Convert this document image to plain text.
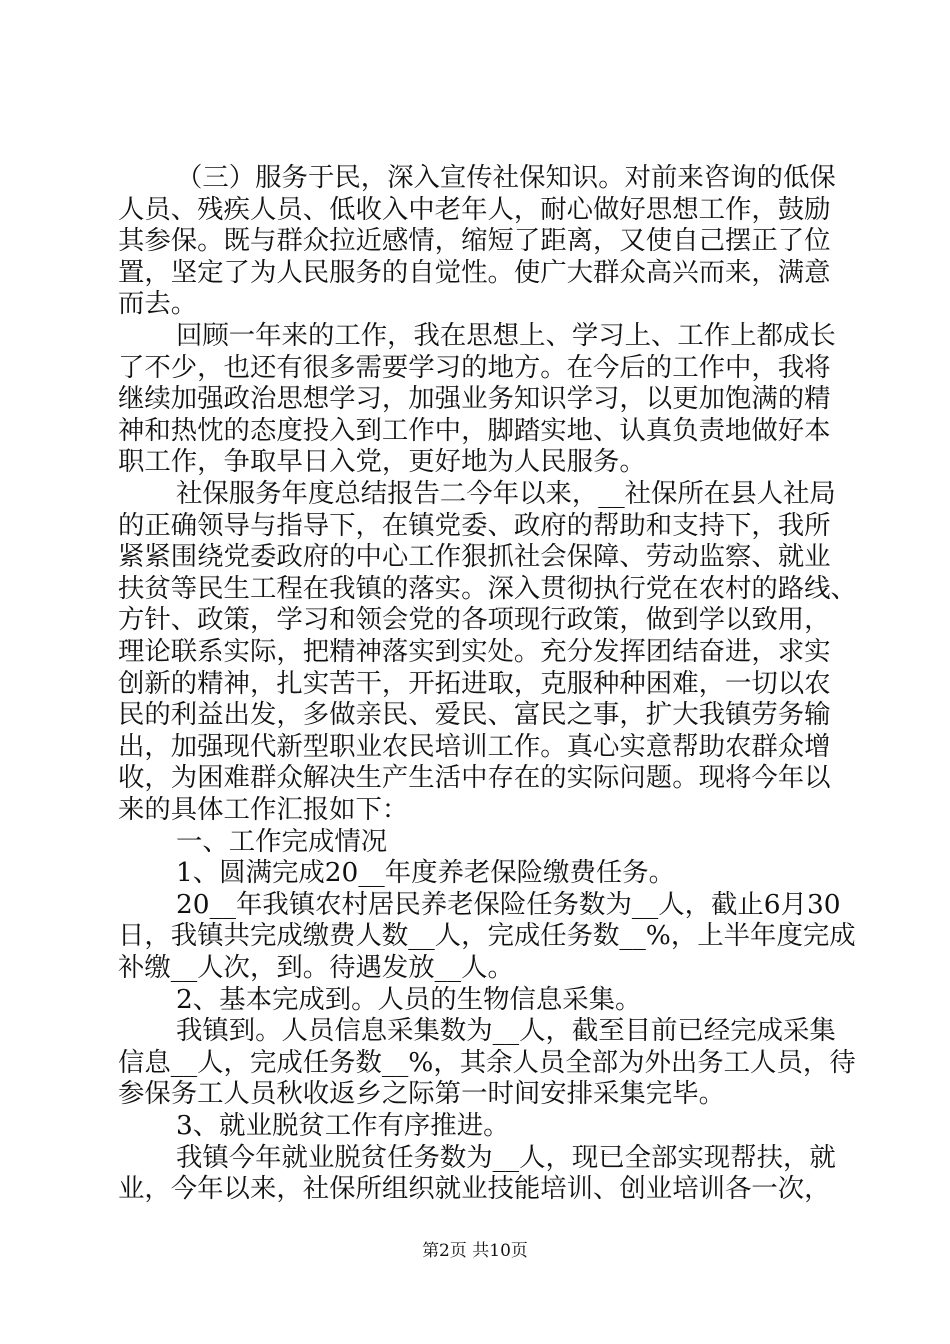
（三）服务于民，深入宣传社保知识。对前来咨询的低保
人员、残疾人员、低收入中老年人，耐心做好思想工作，鼓励
其参保。既与群众拉近感情，缩短了距离，又使自己摆正了位
置，坚定了为人民服务的自觉性。使广大群众高兴而来，满意
而去。
回顾一年来的工作，我在思想上、学习上、工作上都成长
了不少，也还有很多需要学习的地方。在今后的工作中，我将
继续加强政治思想学习，加强业务知识学习，以更加饱满的精
神和热忱的态度投入到工作中，脚踏实地、认真负责地做好本
职工作，争取早日入党，更好地为人民服务。
社保服务年度总结报告二今年以来，__社保所在县人社局
的正确领导与指导下，在镇党委、政府的帮助和支持下，我所
紧紧围绕党委政府的中心工作狠抓社会保障、劳动监察、就业
扶贫等民生工程在我镇的落实。深入贯彻执行党在农村的路线、
方针、政策，学习和领会党的各项现行政策，做到学以致用，
理论联系实际，把精神落实到实处。充分发挥团结奋进，求实
创新的精神，扎实苦干，开拓进取，克服种种困难，一切以农
民的利益出发，多做亲民、爱民、富民之事，扩大我镇劳务输
出，加强现代新型职业农民培训工作。真心实意帮助农群众增
收，为困难群众解决生产生活中存在的实际问题。现将今年以
来的具体工作汇报如下：
一、工作完成情况
1、圆满完成20__年度养老保险缴费任务。
20__年我镇农村居民养老保险任务数为__人，截止6月30
日，我镇共完成缴费人数__人，完成任务数__%，上半年度完成
补缴__人次，到。待遇发放__人。
2、基本完成到。人员的生物信息采集。
我镇到。人员信息采集数为__人，截至目前已经完成采集
信息__人，完成任务数__%，其余人员全部为外出务工人员，待
参保务工人员秋收返乡之际第一时间安排采集完毕。
3、就业脱贫工作有序推进。
我镇今年就业脱贫任务数为__人，现已全部实现帮扶，就
业，今年以来，社保所组织就业技能培训、创业培训各一次，
第2页 共10页
